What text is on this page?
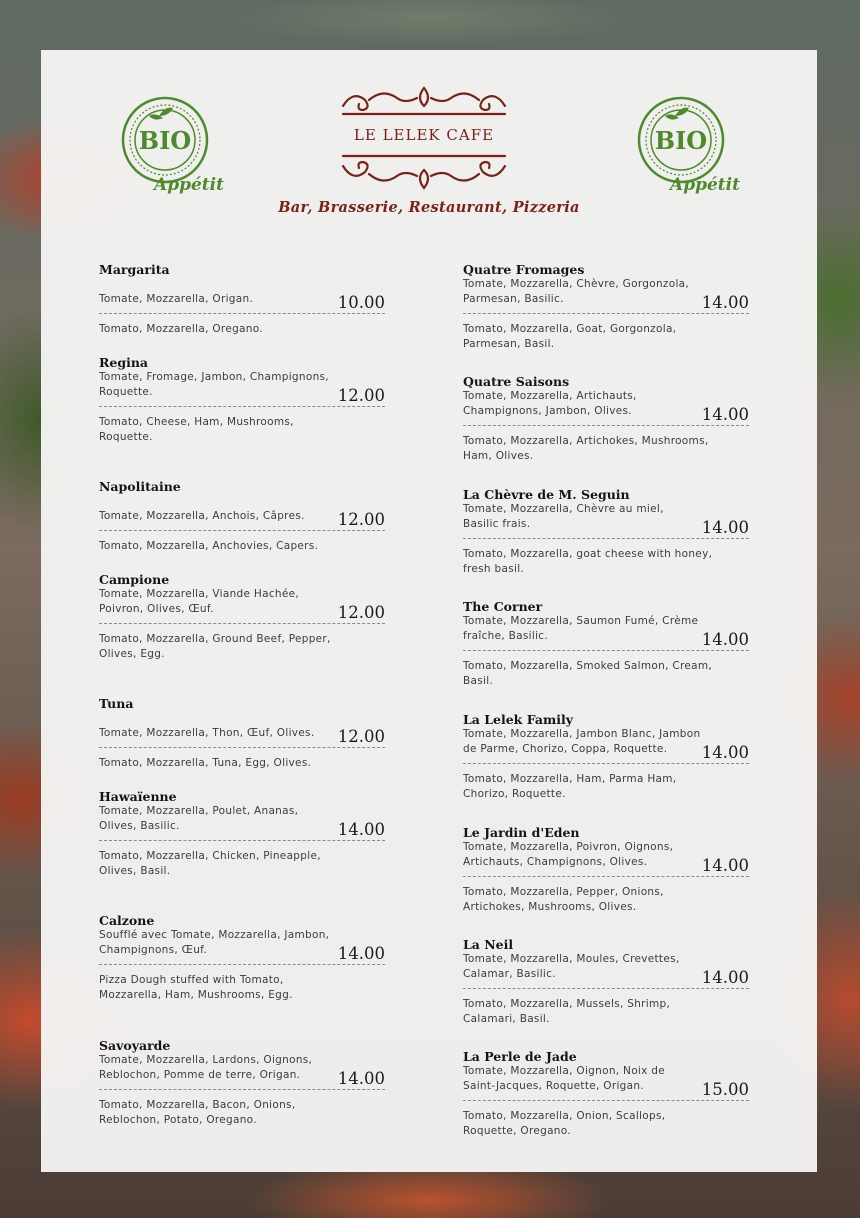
BIO
Appétit
LE LELEK CAFE	BIO
Appétit
Bar, Brasserie, Restaurant, Pizzeria
Margarita
Tomate, Mozzarella, Origan.	10.00
Tomato, Mozzarella, Oregano.
Regina
Tomate, Fromage, Jambon, Champignons, Roquette.	12.00
Tomato, Cheese, Ham, Mushrooms, Roquette.
Napolitaine
Tomate, Mozzarella, Anchois, Câpres.	12.00
Tomato, Mozzarella, Anchovies, Capers.
Campione
Tomate, Mozzarella, Viande Hachée, Poivron, Olives, Œuf.	12.00
Tomato, Mozzarella, Ground Beef, Pepper, Olives, Egg.
Tuna
Tomate, Mozzarella, Thon, Œuf, Olives.	12.00
Tomato, Mozzarella, Tuna, Egg, Olives.
Hawaïenne
Tomate, Mozzarella, Poulet, Ananas, Olives, Basilic.	14.00
Tomato, Mozzarella, Chicken, Pineapple, Olives, Basil.
Calzone
Soufflé avec Tomate, Mozzarella, Jambon, Champignons, Œuf.	14.00
Pizza Dough stuffed with Tomato, Mozzarella, Ham, Mushrooms, Egg.
Savoyarde
Tomate, Mozzarella, Lardons, Oignons, Reblochon, Pomme de terre, Origan.	14.00
Tomato, Mozzarella, Bacon, Onions, Reblochon, Potato, Oregano.
Quatre Fromages
Tomate, Mozzarella, Chèvre, Gorgonzola, Parmesan, Basilic.	14.00
Tomato, Mozzarella, Goat, Gorgonzola, Parmesan, Basil.
Quatre Saisons
Tomate, Mozzarella, Artichauts, Champignons, Jambon, Olives.	14.00
Tomato, Mozzarella, Artichokes, Mushrooms, Ham, Olives.
La Chèvre de M. Seguin
Tomate, Mozzarella, Chèvre au miel, Basilic frais.	14.00
Tomato, Mozzarella, goat cheese with honey, fresh basil.
The Corner
Tomate, Mozzarella, Saumon Fumé, Crème fraîche, Basilic.	14.00
Tomato, Mozzarella, Smoked Salmon, Cream, Basil.
La Lelek Family
Tomate, Mozzarella, Jambon Blanc, Jambon de Parme, Chorizo, Coppa, Roquette.	14.00
Tomato, Mozzarella, Ham, Parma Ham, Chorizo, Roquette.
Le Jardin d'Eden
Tomate, Mozzarella, Poivron, Oignons, Artichauts, Champignons, Olives.	14.00
Tomato, Mozzarella, Pepper, Onions, Artichokes, Mushrooms, Olives.
La Neil
Tomate, Mozzarella, Moules, Crevettes, Calamar, Basilic.	14.00
Tomato, Mozzarella, Mussels, Shrimp, Calamari, Basil.
La Perle de Jade
Tomate, Mozzarella, Oignon, Noix de Saint-Jacques, Roquette, Origan.	15.00
Tomato, Mozzarella, Onion, Scallops, Roquette, Oregano.
